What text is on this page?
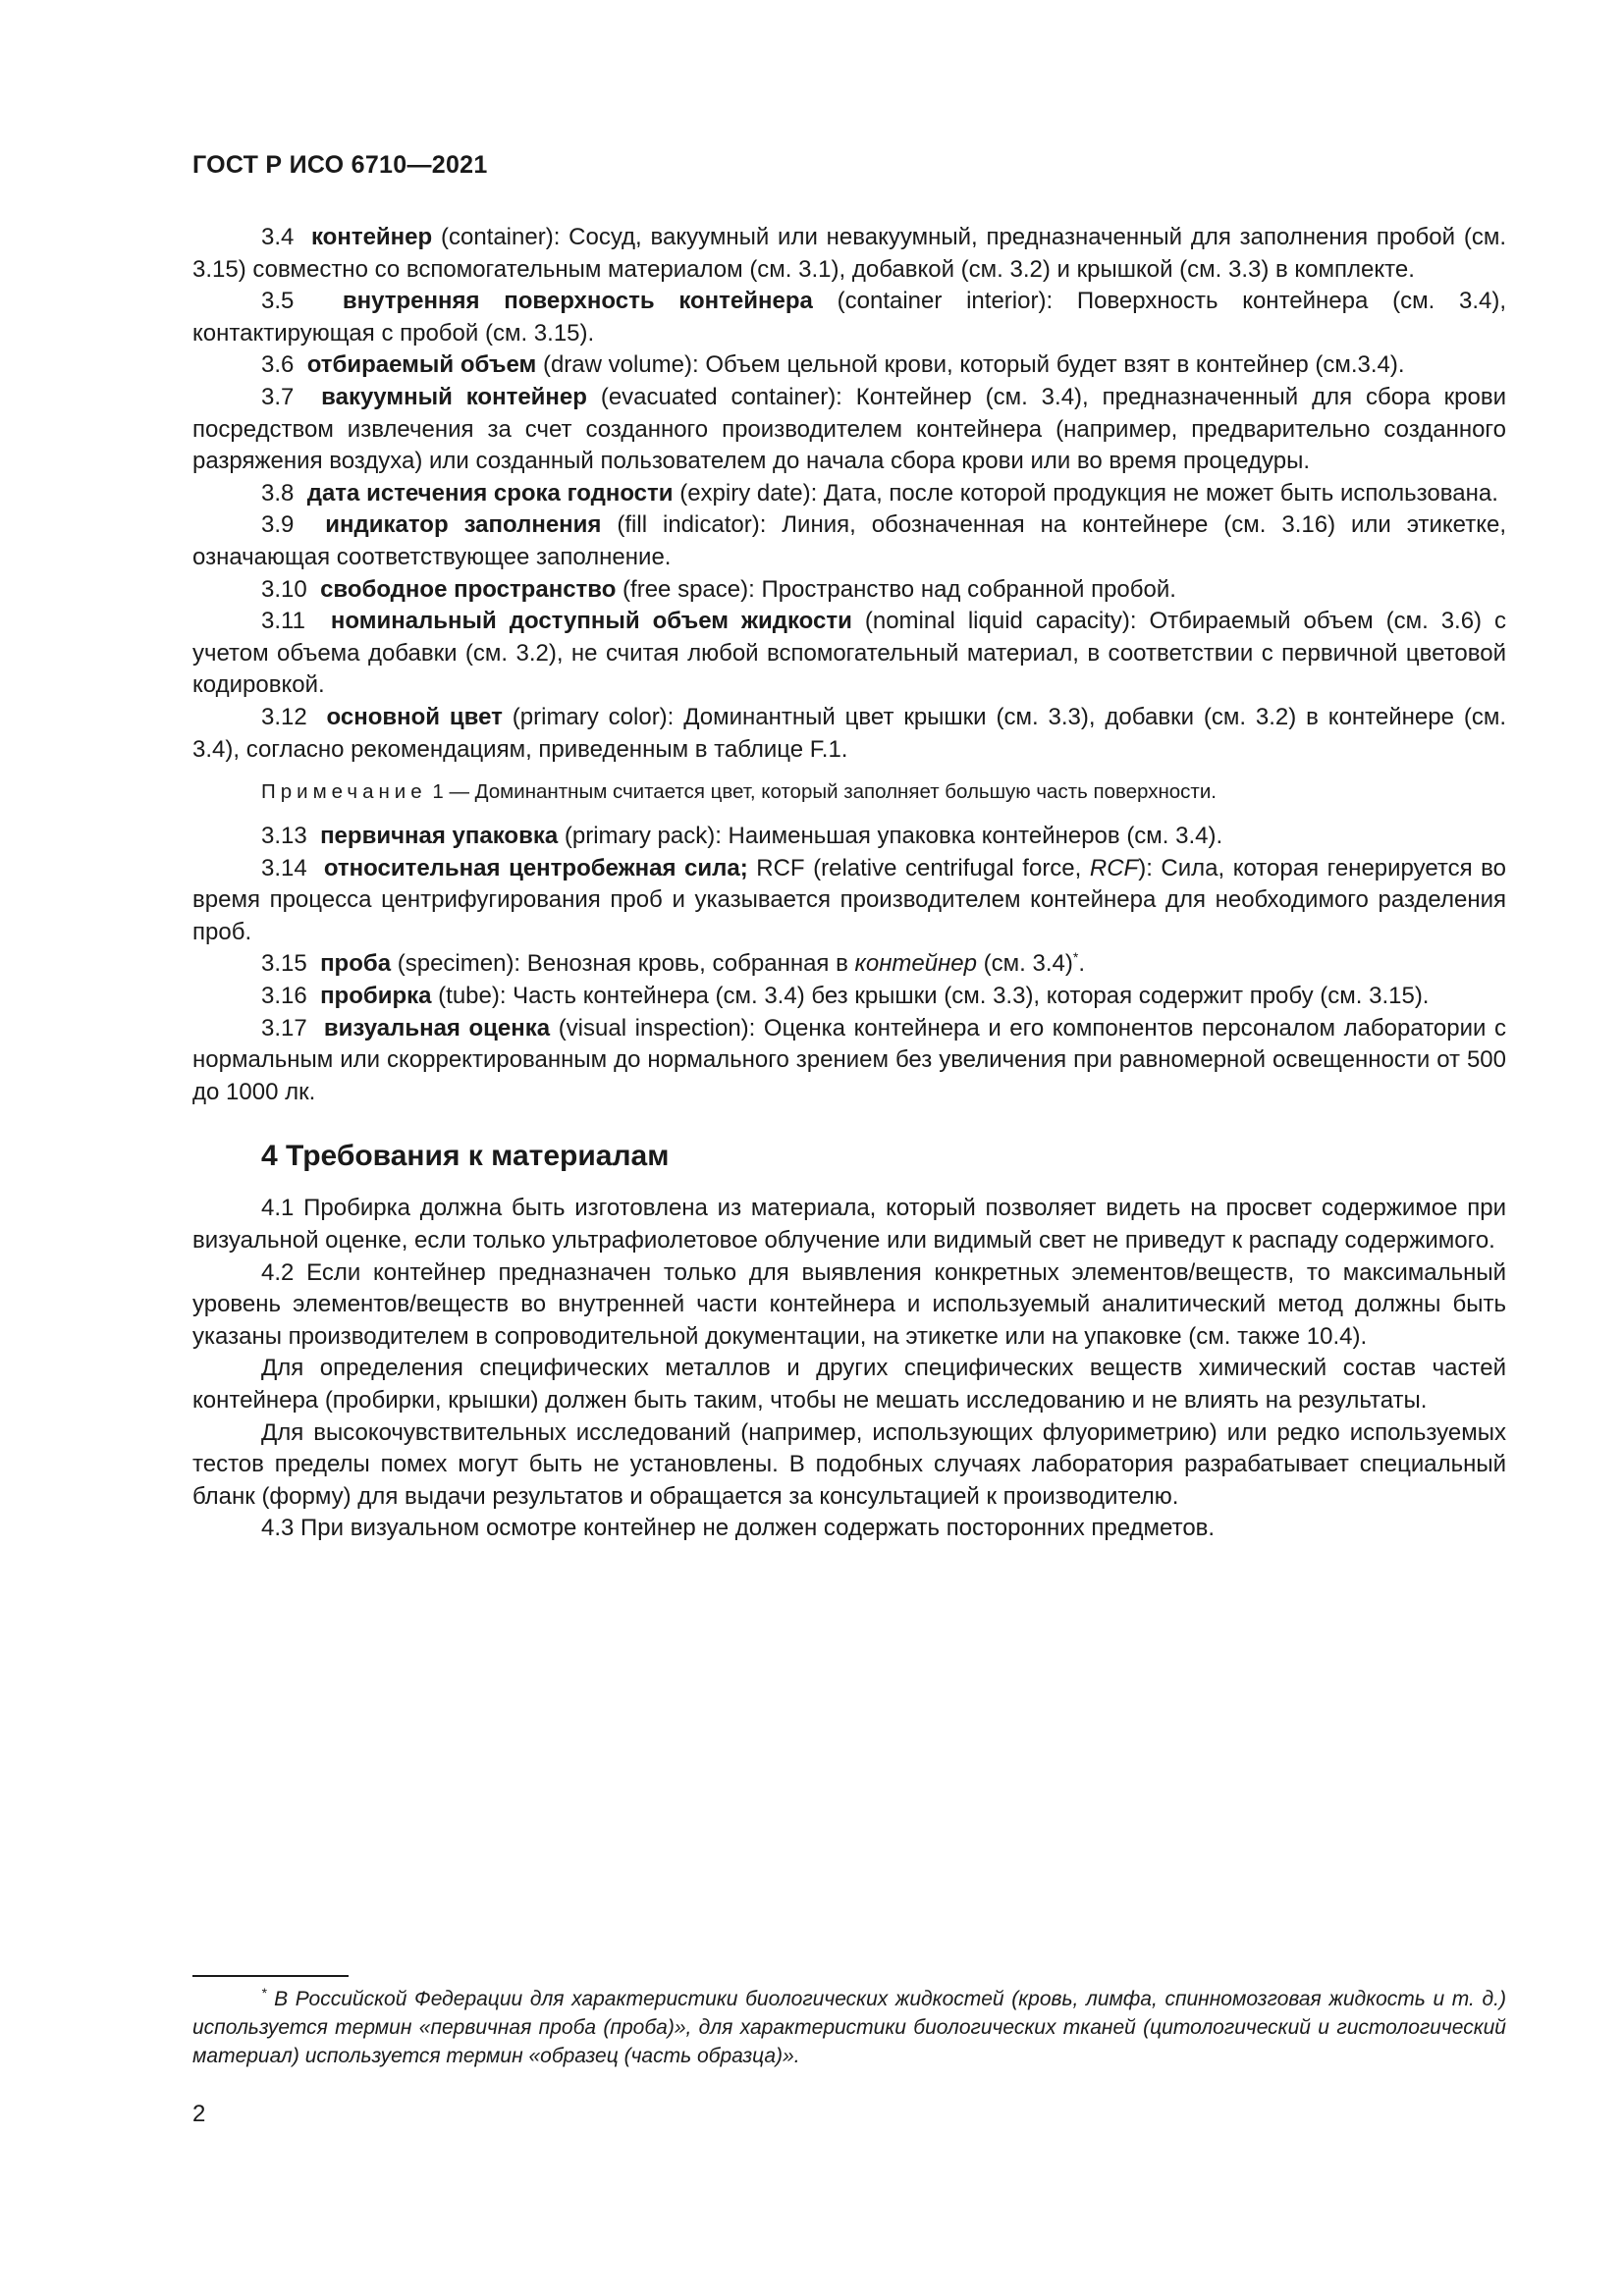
ГОСТ Р ИСО 6710—2021

3.4 контейнер (container): Сосуд, вакуумный или невакуумный, предназначенный для заполнения пробой (см. 3.15) совместно со вспомогательным материалом (см. 3.1), добавкой (см. 3.2) и крышкой (см. 3.3) в комплекте.

3.5 внутренняя поверхность контейнера (container interior): Поверхность контейнера (см. 3.4), контактирующая с пробой (см. 3.15).

3.6 отбираемый объем (draw volume): Объем цельной крови, который будет взят в контейнер (см.3.4).

3.7 вакуумный контейнер (evacuated container): Контейнер (см. 3.4), предназначенный для сбора крови посредством извлечения за счет созданного производителем контейнера (например, предварительно созданного разряжения воздуха) или созданный пользователем до начала сбора крови или во время процедуры.

3.8 дата истечения срока годности (expiry date): Дата, после которой продукция не может быть использована.

3.9 индикатор заполнения (fill indicator): Линия, обозначенная на контейнере (см. 3.16) или этикетке, означающая соответствующее заполнение.

3.10 свободное пространство (free space): Пространство над собранной пробой.

3.11 номинальный доступный объем жидкости (nominal liquid capacity): Отбираемый объем (см. 3.6) с учетом объема добавки (см. 3.2), не считая любой вспомогательный материал, в соответствии с первичной цветовой кодировкой.

3.12 основной цвет (primary color): Доминантный цвет крышки (см. 3.3), добавки (см. 3.2) в контейнере (см. 3.4), согласно рекомендациям, приведенным в таблице F.1.

Примечание 1 — Доминантным считается цвет, который заполняет большую часть поверхности.

3.13 первичная упаковка (primary pack): Наименьшая упаковка контейнеров (см. 3.4).

3.14 относительная центробежная сила; RCF (relative centrifugal force, RCF): Сила, которая генерируется во время процесса центрифугирования проб и указывается производителем контейнера для необходимого разделения проб.

3.15 проба (specimen): Венозная кровь, собранная в контейнер (см. 3.4)*.

3.16 пробирка (tube): Часть контейнера (см. 3.4) без крышки (см. 3.3), которая содержит пробу (см. 3.15).

3.17 визуальная оценка (visual inspection): Оценка контейнера и его компонентов персоналом лаборатории с нормальным или скорректированным до нормального зрением без увеличения при равномерной освещенности от 500 до 1000 лк.

4 Требования к материалам

4.1 Пробирка должна быть изготовлена из материала, который позволяет видеть на просвет содержимое при визуальной оценке, если только ультрафиолетовое облучение или видимый свет не приведут к распаду содержимого.

4.2 Если контейнер предназначен только для выявления конкретных элементов/веществ, то максимальный уровень элементов/веществ во внутренней части контейнера и используемый аналитический метод должны быть указаны производителем в сопроводительной документации, на этикетке или на упаковке (см. также 10.4).

Для определения специфических металлов и других специфических веществ химический состав частей контейнера (пробирки, крышки) должен быть таким, чтобы не мешать исследованию и не влиять на результаты.

Для высокочувствительных исследований (например, использующих флуориметрию) или редко используемых тестов пределы помех могут быть не установлены. В подобных случаях лаборатория разрабатывает специальный бланк (форму) для выдачи результатов и обращается за консультацией к производителю.

4.3 При визуальном осмотре контейнер не должен содержать посторонних предметов.

* В Российской Федерации для характеристики биологических жидкостей (кровь, лимфа, спинномозговая жидкость и т. д.) используется термин «первичная проба (проба)», для характеристики биологических тканей (цитологический и гистологический материал) используется термин «образец (часть образца)».

2
